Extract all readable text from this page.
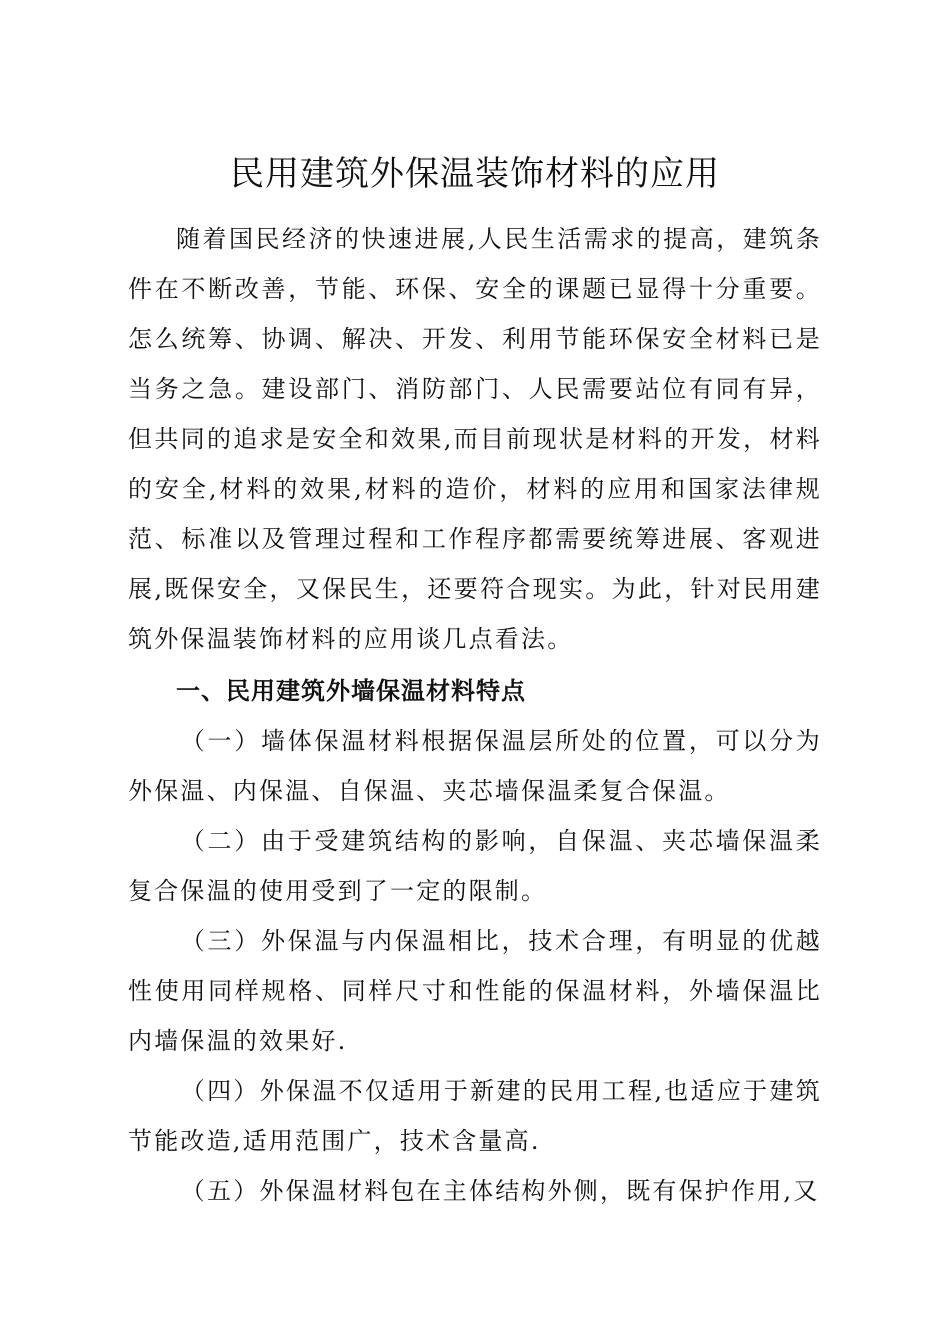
民用建筑外保温装饰材料的应用

随着国民经济的快速进展,人民生活需求的提高，建筑条件在不断改善，节能、环保、安全的课题已显得十分重要。怎么统筹、协调、解决、开发、利用节能环保安全材料已是当务之急。建设部门、消防部门、人民需要站位有同有异，但共同的追求是安全和效果,而目前现状是材料的开发，材料的安全,材料的效果,材料的造价，材料的应用和国家法律规范、标准以及管理过程和工作程序都需要统筹进展、客观进展,既保安全，又保民生，还要符合现实。为此，针对民用建筑外保温装饰材料的应用谈几点看法。

一、民用建筑外墙保温材料特点

（一）墙体保温材料根据保温层所处的位置，可以分为外保温、内保温、自保温、夹芯墙保温柔复合保温。

（二）由于受建筑结构的影响，自保温、夹芯墙保温柔复合保温的使用受到了一定的限制。

（三）外保温与内保温相比，技术合理，有明显的优越性使用同样规格、同样尺寸和性能的保温材料，外墙保温比内墙保温的效果好.

（四）外保温不仅适用于新建的民用工程,也适应于建筑节能改造,适用范围广，技术含量高.

（五）外保温材料包在主体结构外侧，既有保护作用,又
